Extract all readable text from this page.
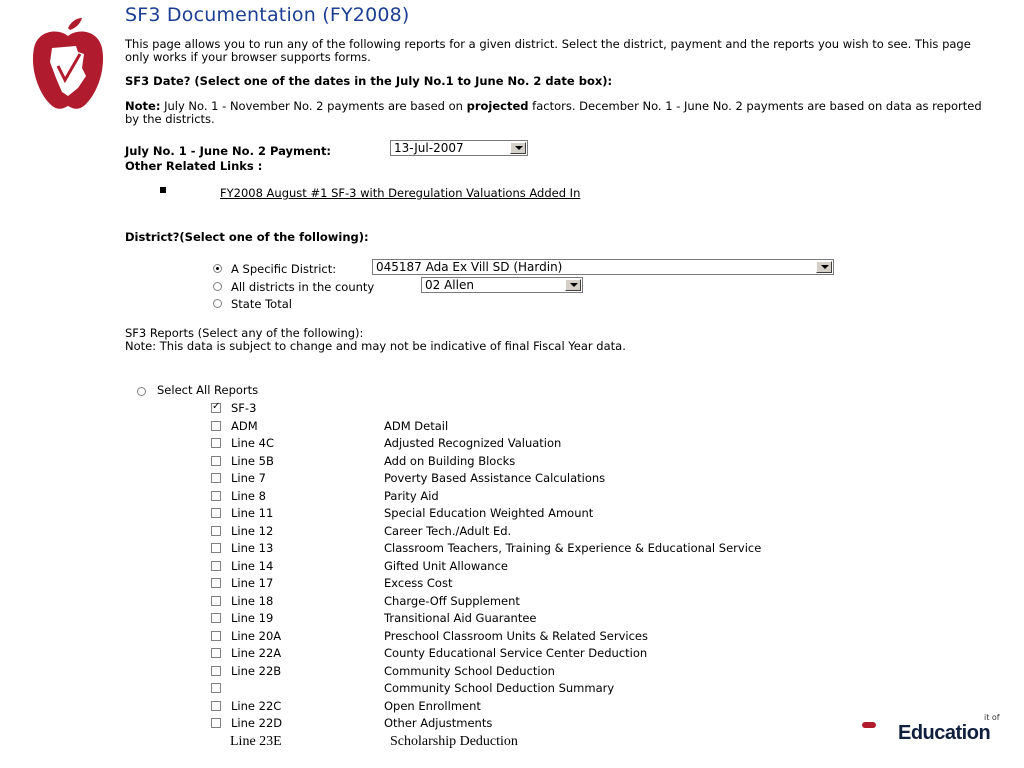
SF3 Documentation (FY2008)
This page allows you to run any of the following reports for a given district. Select the district, payment and the reports you wish to see. This page only works if your browser supports forms.
SF3 Date? (Select one of the dates in the July No.1 to June No. 2 date box):
Note: July No. 1 - November No. 2 payments are based on projected factors. December No. 1 - June No. 2 payments are based on data as reported by the districts.
July No. 1 - June No. 2 Payment:	13-Jul-2007
Other Related Links :
FY2008 August #1 SF-3 with Deregulation Valuations Added In
District?(Select one of the following):
A Specific District:	045187 Ada Ex Vill SD (Hardin)
All districts in the county	02 Allen
State Total
SF3 Reports (Select any of the following):
Note: This data is subject to change and may not be indicative of final Fiscal Year data.
Select All Reports
✓
SF-3
ADM	ADM Detail
Line 4C	Adjusted Recognized Valuation
Line 5B	Add on Building Blocks
Line 7	Poverty Based Assistance Calculations
Line 8	Parity Aid
Line 11	Special Education Weighted Amount
Line 12	Career Tech./Adult Ed.
Line 13	Classroom Teachers, Training & Experience & Educational Service
Line 14	Gifted Unit Allowance
Line 17	Excess Cost
Line 18	Charge-Off Supplement
Line 19	Transitional Aid Guarantee
Line 20A	Preschool Classroom Units & Related Services
Line 22A	County Educational Service Center Deduction
Line 22B	Community School Deduction
Community School Deduction Summary
Line 22C	Open Enrollment
Line 22D	Other Adjustments
Line 23E	Scholarship Deduction
it of
Education
